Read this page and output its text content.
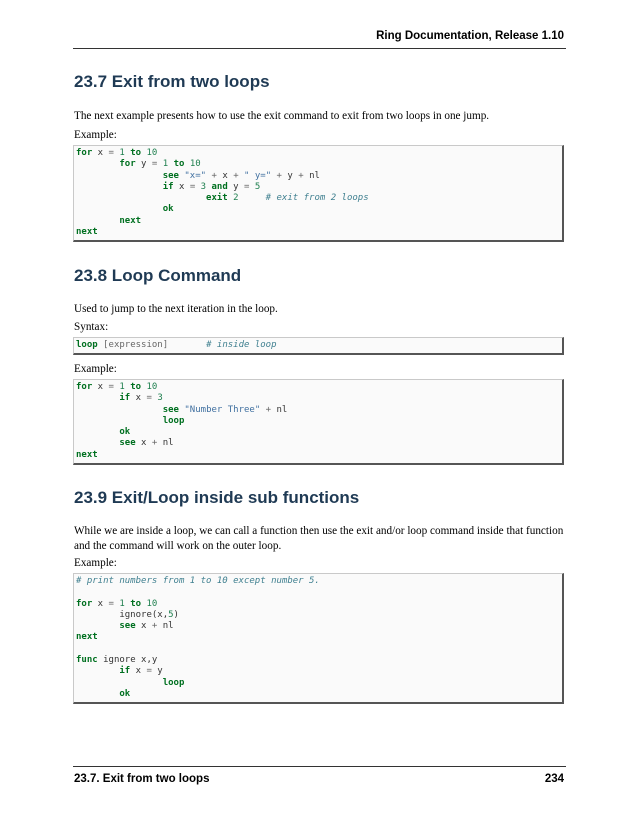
Ring Documentation, Release 1.10
23.7 Exit from two loops
The next example presents how to use the exit command to exit from two loops in one jump.
Example:
for x = 1 to 10
for y = 1 to 10
see "x=" + x + " y=" + y + nl
if x = 3 and y = 5
exit 2	# exit from 2 loops
ok
next
next
23.8 Loop Command
Used to jump to the next iteration in the loop.
Syntax:
loop [expression]	# inside loop
Example:
for x = 1 to 10
if x = 3
see "Number Three" + nl
loop
ok
see x + nl
next
23.9 Exit/Loop inside sub functions
While we are inside a loop, we can call a function then use the exit and/or loop command inside that function and the command will work on the outer loop.
Example:
# print numbers from 1 to 10 except number 5.
for x = 1 to 10
ignore(x,5)
see x + nl
next
func ignore x,y
if x = y
loop
ok
23.7. Exit from two loops	234
